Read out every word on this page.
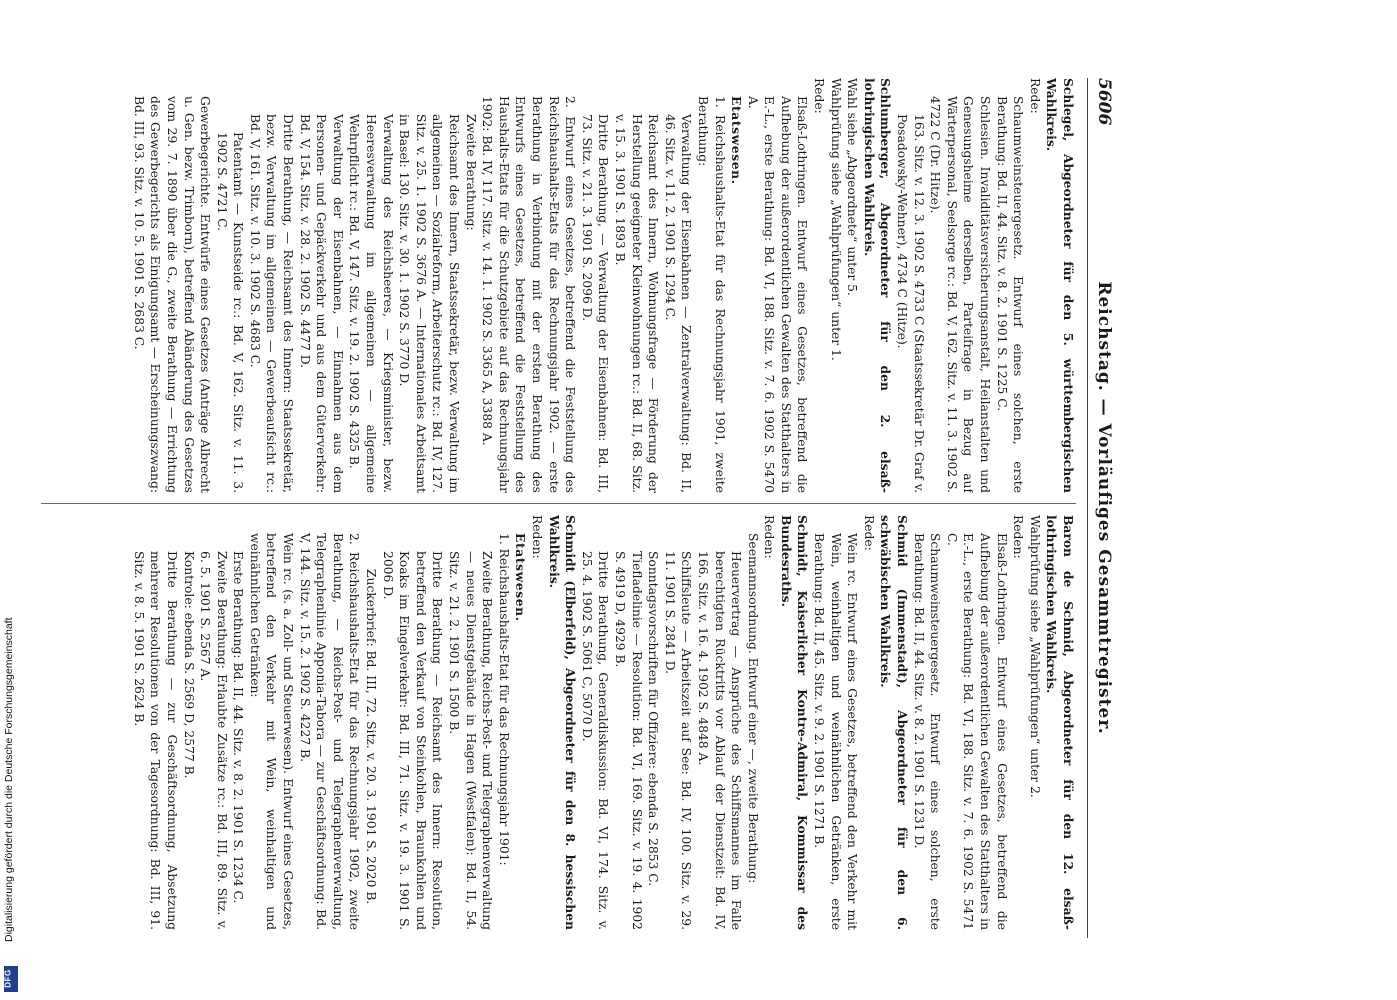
5606
Reichstag. — Vorläufiges Gesammtregister.

Schlegel, Abgeordneter für den 5. württembergischen Wahlkreis.

Rede:

Schaumweinsteuergesetz. Entwurf eines solchen, erste Berathung: Bd. II, 44. Sitz. v. 8. 2. 1901 S. 1225 C.

Schlesien. Invaliditätsversicherungsanstalt, Heilanstalten und Genesungsheime derselben, Parteifrage in Bezug auf Wärterpersonal, Seelsorge rc.: Bd. V, 162. Sitz. v. 11. 3. 1902 S. 4722 C (Dr. Hitze).

163. Sitz. v. 12. 3. 1902 S. 4733 C (Staatssekretär Dr. Graf v. Posadowsky-Wehner), 4734 C (Hitze).

Schlumberger, Abgeordneter für den 2. elsaß-lothringischen Wahlkreis.

Wahl siehe „Abgeordnete“ unter 5.

Wahlprüfung siehe „Wahlprüfungen“ unter 1.

Rede:

Elsaß-Lothringen. Entwurf eines Gesetzes, betreffend die Aufhebung der außerordentlichen Gewalten des Statthalters in E.-L., erste Berathung: Bd. VI, 188. Sitz. v. 7. 6. 1902 S. 5470 A.

Etatswesen.

1. Reichshaushalts-Etat für das Rechnungsjahr 1901, zweite Berathung:

Verwaltung der Eisenbahnen — Zentralverwaltung: Bd. II, 46. Sitz. v. 11. 2. 1901 S. 1294 C.

Reichsamt des Innern, Wohnungsfrage — Förderung der Herstellung geeigneter Kleinwohnungen rc.: Bd. II, 68. Sitz. v. 15. 3. 1901 S. 1893 B.

Dritte Berathung, — Verwaltung der Eisenbahnen: Bd. III, 73. Sitz. v. 21. 3. 1901 S. 2096 D.

2. Entwurf eines Gesetzes, betreffend die Feststellung des Reichshaushalts-Etats für das Rechnungsjahr 1902. — erste Berathung in Verbindung mit der ersten Berathung des Entwurfs eines Gesetzes, betreffend die Feststellung des Haushalts-Etats für die Schutzgebiete auf das Rechnungsjahr 1902: Bd. IV, 117. Sitz. v. 14. 1. 1902 S. 3365 A, 3388 A.

Zweite Berathung:

Reichsamt des Innern, Staatssekretär, bezw. Verwaltung im allgemeinen — Sozialreform, Arbeiterschutz rc.: Bd. IV, 127. Sitz. v. 25. 1. 1902 S. 3676 A. — Internationales Arbeitsamt in Basel: 130. Sitz. v. 30. 1. 1902 S. 3770 D.

Verwaltung des Reichsheeres, — Kriegsminister, bezw. Heeresverwaltung im allgemeinen — allgemeine Wehrpflicht rc.: Bd. V, 147. Sitz. v. 19. 2. 1902 S. 4325 B.

Verwaltung der Eisenbahnen, — Einnahmen aus dem Personen- und Gepäckverkehr und aus dem Güterverkehr: Bd. V, 154. Sitz. v. 28. 2. 1902 S. 4477 D.

Dritte Berathung, — Reichsamt des Innern: Staatssekretär, bezw. Verwaltung im allgemeinen — Gewerbeaufsicht rc.: Bd. V, 161. Sitz. v. 10. 3. 1902 S. 4683 C.

Patentamt — Kunstseide rc.: Bd. V, 162. Sitz. v. 11. 3. 1902 S. 4721 C.

Gewerbegerichte. Entwürfe eines Gesetzes (Anträge Albrecht u. Gen. bezw. Trimborn), betreffend Abänderung des Gesetzes vom 29. 7. 1890 über die G., zweite Berathung — Errichtung des Gewerbegerichts als Einigungsamt — Erscheinungszwang: Bd. III, 93. Sitz. v. 10. 5. 1901 S. 2683 C.

Baron de Schmid, Abgeordneter für den 12. elsaß-lothringischen Wahlkreis.

Wahlprüfung siehe „Wahlprüfungen“ unter 2.

Reden:

Elsaß-Lothringen. Entwurf eines Gesetzes, betreffend die Aufhebung der außerordentlichen Gewalten des Statthalters in E.-L., erste Berathung: Bd. VI, 188. Sitz. v. 7. 6. 1902 S. 5471 C.

Schaumweinsteuergesetz. Entwurf eines solchen, erste Berathung: Bd. II, 44. Sitz. v. 8. 2. 1901 S. 1231 D.

Schmid (Immenstadt), Abgeordneter für den 6. schwäbischen Wahlkreis.

Rede:

Wein rc. Entwurf eines Gesetzes, betreffend den Verkehr mit Wein, weinhaltigen und weinähnlichen Getränken, erste Berathung: Bd. II, 45. Sitz. v. 9. 2. 1901 S. 1271 B.

Schmidt, Kaiserlicher Kontre-Admiral, Kommissar des Bundesraths.

Reden:

Seemannsordnung. Entwurf einer —, zweite Berathung:

Heuervertrag — Ansprüche des Schiffsmannes im Falle berechtigten Rücktritts vor Ablauf der Dienstzeit: Bd. IV, 166. Sitz. v. 16. 4. 1902 S. 4848 A.

Schiffsleute — Arbeitszeit auf See: Bd. IV, 100. Sitz. v. 29. 11. 1901 S. 2841 D.

Sonntagsvorschriften für Offiziere: ebenda S. 2853 C.

Tiefladelinie — Resolution: Bd. VI, 169. Sitz. v. 19. 4. 1902 S. 4919 D, 4929 B.

Dritte Berathung, Generaldiskussion: Bd. VI, 174. Sitz. v. 25. 4. 1902 S. 5061 C, 5070 D.

Schmidt (Elberfeld), Abgeordneter für den 8. hessischen Wahlkreis.

Reden:

Etatswesen.

1. Reichshaushalts-Etat für das Rechnungsjahr 1901:

Zweite Berathung, Reichs-Post- und Telegraphenverwaltung — neues Dienstgebäude in Hagen (Westfalen): Bd. II, 54. Sitz. v. 21. 2. 1901 S. 1500 B.

Dritte Berathung — Reichsamt des Innern: Resolution, betreffend den Verkauf von Steinkohlen, Braunkohlen und Koaks im Eingelverkehr: Bd. III, 71. Sitz. v. 19. 3. 1901 S. 2006 D.

Zuckerbrief: Bd. III, 72. Sitz. v. 20. 3. 1901 S. 2020 B.

2. Reichshaushalts-Etat für das Rechnungsjahr 1902, zweite Berathung, — Reichs-Post- und Telegraphenverwaltung, Telegraphenlinie Apponia-Tabora — zur Geschäftsordnung: Bd. V, 144. Sitz. v. 15. 2. 1902 S. 4227 B.

Wein rc. (s. a. Zoll- und Steuerwesen). Entwurf eines Gesetzes, betreffend den Verkehr mit Wein, weinhaltigen und weinähnlichen Getränken:

Erste Berathung: Bd. II, 44. Sitz. v. 8. 2. 1901 S. 1234 C.

Zweite Berathung: Erlaubte Zusätze rc.: Bd. III, 89. Sitz. v. 6. 5. 1901 S. 2567 A.

Kontrole: ebenda S. 2569 D, 2577 B.

Dritte Berathung — zur Geschäftsordnung, Absetzung mehrerer Resolutionen von der Tagesordnung: Bd. III, 91. Sitz. v. 8. 5. 1901 S. 2624 B.

Digitalisierung gefördert durch die Deutsche Forschungsgemeinschaft
DFG
